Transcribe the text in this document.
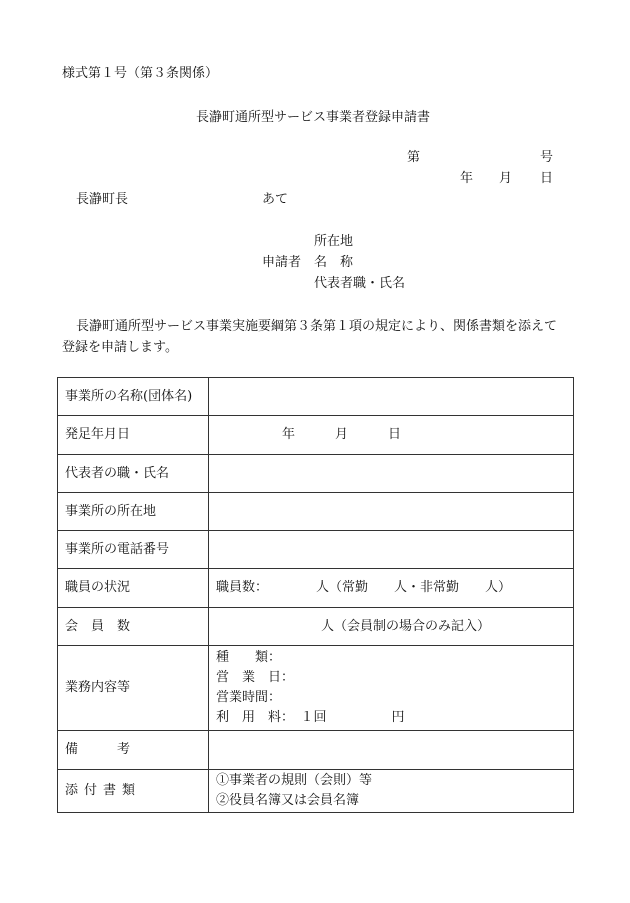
様式第１号（第３条関係）
長瀞町通所型サービス事業者登録申請書
第	号
年 月 日
長瀞町長	あて
所在地
申請者 名　称
代表者職・氏名
長瀞町通所型サービス事業実施要綱第３条第１項の規定により、関係書類を添えて
登録を申請します。
事業所の名称(団体名)	
発足年月日	年 月 日
代表者の職・氏名	
事業所の所在地	
事業所の電話番号	
職員の状況	職員数： 人（常勤　　人・非常勤　　人）
会　員　数	人（会員制の場合のみ記入）
業務内容等	種　　類：
営　業　日：
営業時間：
利　用　料：　１回　　　　　円

備　　　考	
添付書類	①事業者の規則（会則）等
②役員名簿又は会員名簿
